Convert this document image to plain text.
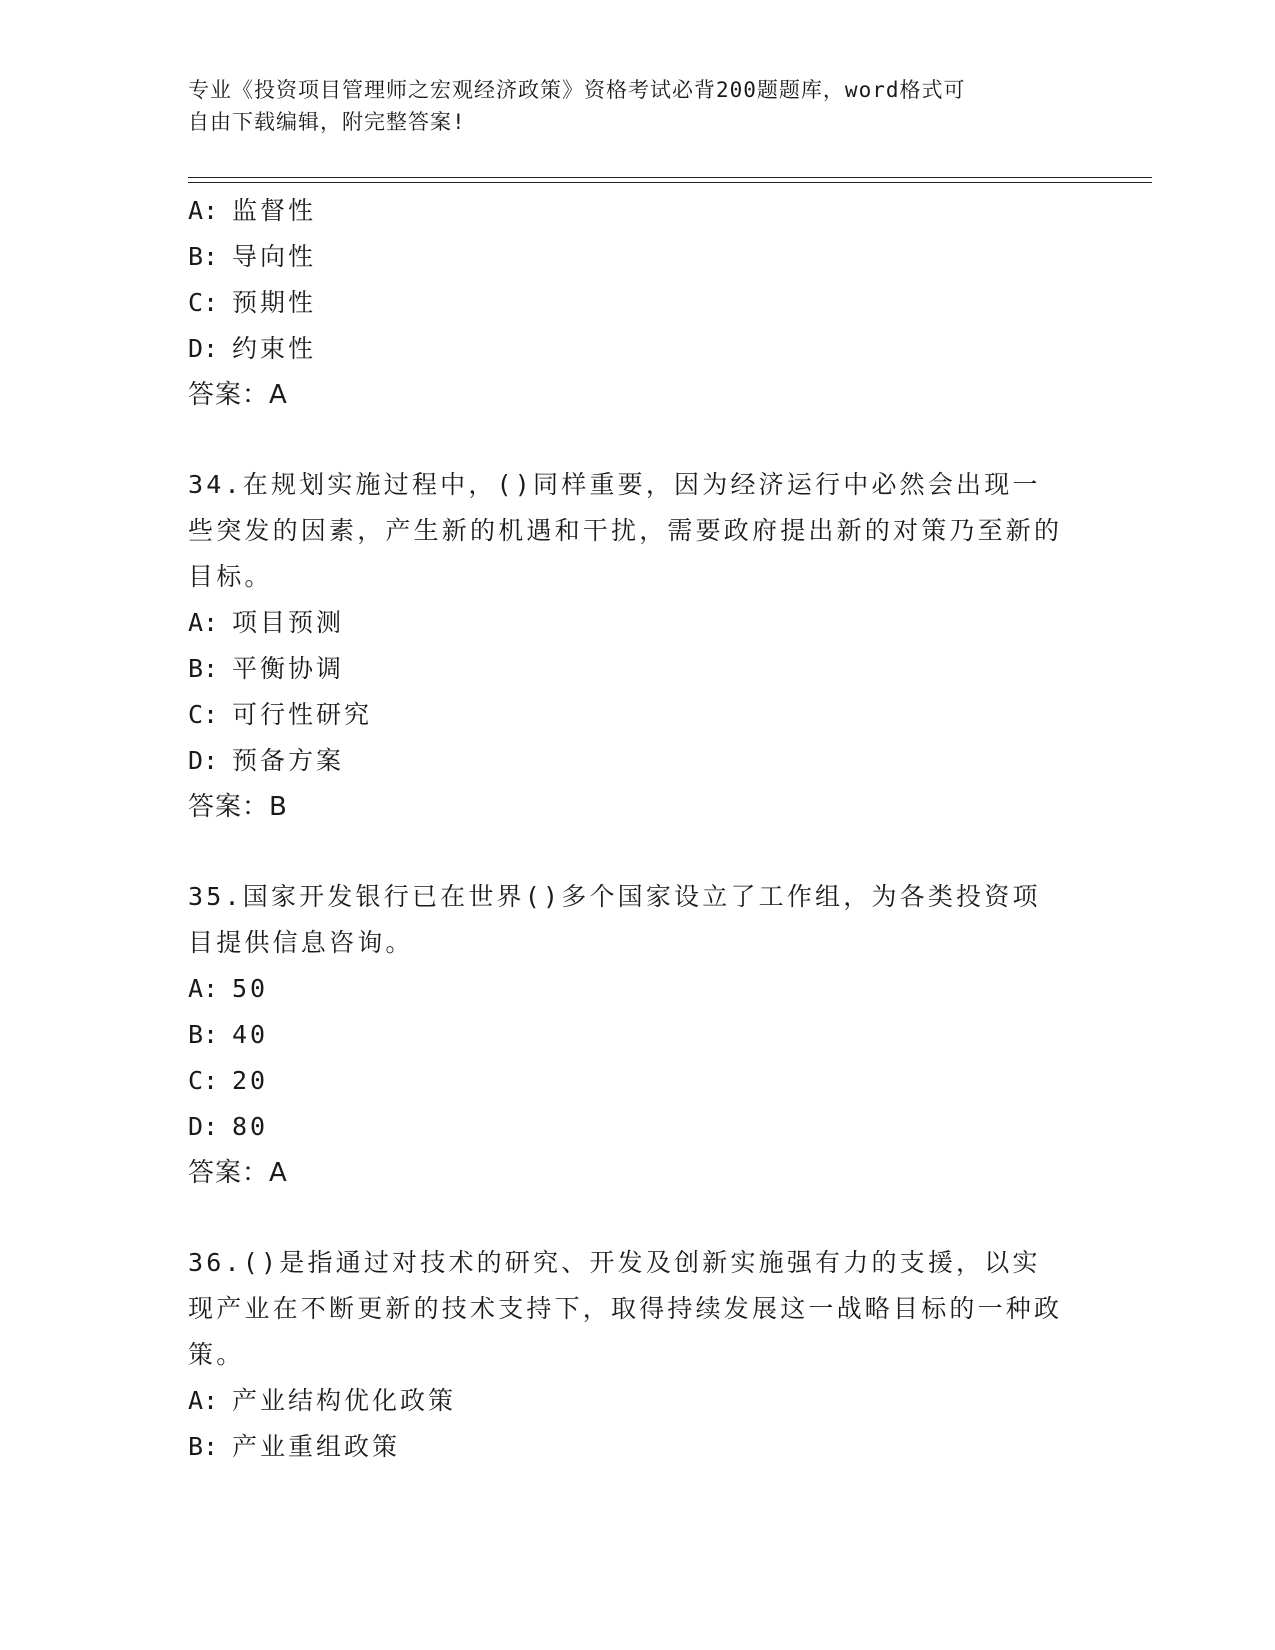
专业《投资项目管理师之宏观经济政策》资格考试必背200题题库，word格式可
自由下载编辑，附完整答案!
A: 监督性
B: 导向性
C: 预期性
D: 约束性
答案：A
34.在规划实施过程中，()同样重要，因为经济运行中必然会出现一些突发的因素，产生新的机遇和干扰，需要政府提出新的对策乃至新的目标。
A: 项目预测
B: 平衡协调
C: 可行性研究
D: 预备方案
答案：B
35.国家开发银行已在世界()多个国家设立了工作组，为各类投资项目提供信息咨询。
A: 50
B: 40
C: 20
D: 80
答案：A
36.()是指通过对技术的研究、开发及创新实施强有力的支援，以实现产业在不断更新的技术支持下，取得持续发展这一战略目标的一种政策。
A: 产业结构优化政策
B: 产业重组政策
